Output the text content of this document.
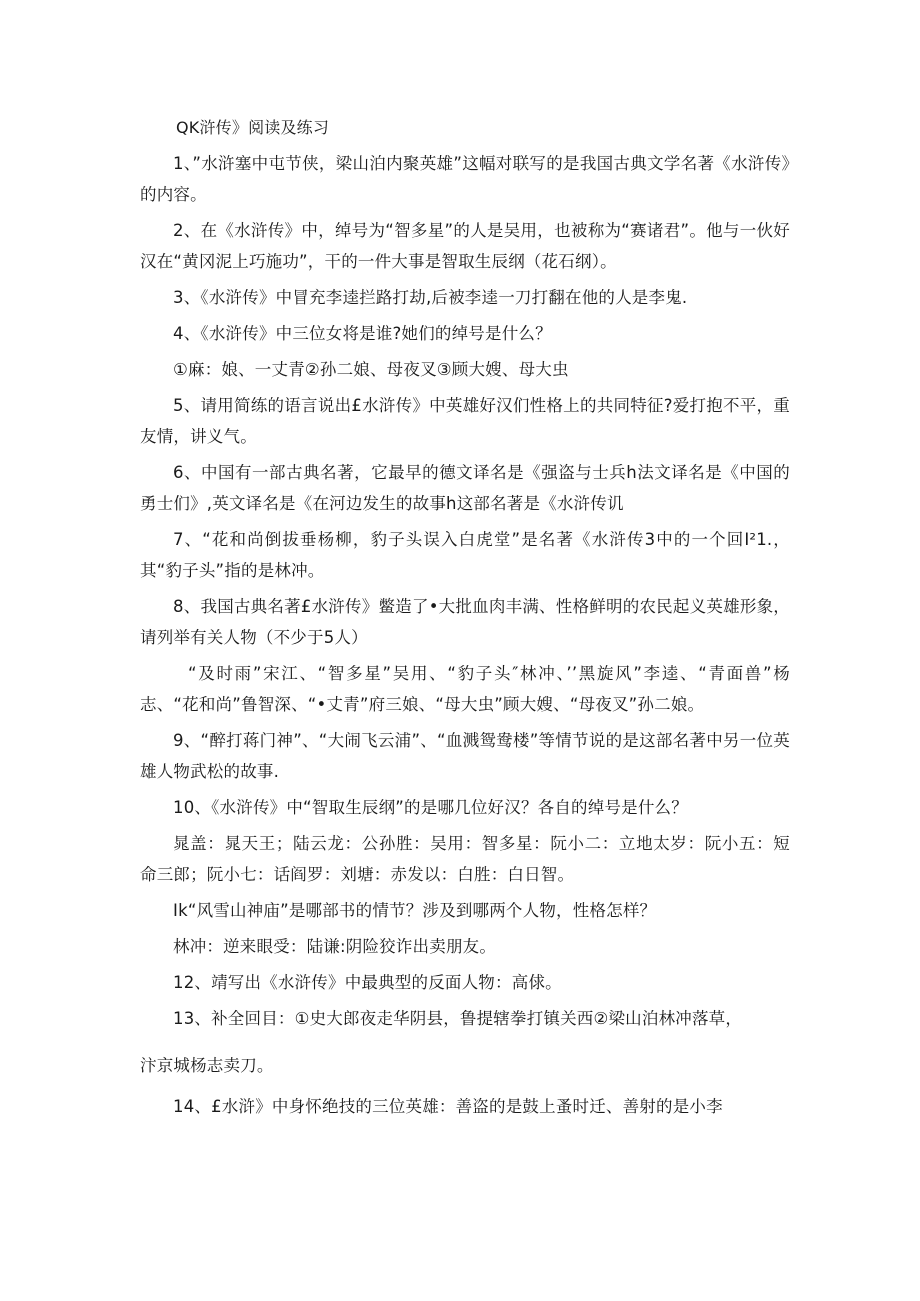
QK浒传》阅读及练习

1、”水浒塞中屯节侠，梁山泊内聚英雄”这幅对联写的是我国古典文学名著《水浒传》的内容。

2、在《水浒传》中，绰号为“智多星”的人是吴用，也被称为“赛诸君”。他与一伙好汉在“黄冈泥上巧施功”，干的一件大事是智取生辰纲（花石纲）。

3、《水浒传》中冒充李逵拦路打劫,后被李逵一刀打翻在他的人是李鬼.

4、《水浒传》中三位女将是谁?她们的绰号是什么？

①麻：娘、一丈青②孙二娘、母夜叉③顾大嫂、母大虫

5、请用简练的语言说出£水浒传》中英雄好汉们性格上的共同特征?爱打抱不平，重友情，讲义气。

6、中国有一部古典名著，它最早的德文译名是《强盗与士兵h法文译名是《中国的勇士们》,英文译名是《在河边发生的故事h这部名著是《水浒传讥

7、“花和尚倒拔垂杨柳，豹子头误入白虎堂”是名著《水浒传3中的一个回I²1.，其“豹子头”指的是林冲。

8、我国古典名著£水浒传》鳖造了•大批血肉丰满、性格鲜明的农民起义英雄形象，请列举有关人物（不少于5人）

“及时雨”宋江、“智多星”吴用、“豹子头″林冲、’’黑旋风”李逵、“青面兽”杨志、“花和尚”鲁智深、“•丈青”府三娘、“母大虫”顾大嫂、“母夜叉”孙二娘。

9、“醉打蒋门神”、“大闹飞云浦”、“血溅鸳鸯楼”等情节说的是这部名著中另一位英雄人物武松的故事.

10、《水浒传》中“智取生辰纲”的是哪几位好汉？各自的绰号是什么？

晁盖：晁天王；陆云龙：公孙胜：吴用：智多星：阮小二：立地太岁：阮小五：短命三郎；阮小七：话阎罗：刘塘：赤发以：白胜：白日智。

Ik“风雪山神庙”是哪部书的情节？涉及到哪两个人物，性格怎样？

林冲：逆来眼受：陆谦:阴险狡诈出卖朋友。

12、靖写出《水浒传》中最典型的反面人物：高俅。

13、补全回目：①史大郎夜走华阴县，鲁提辖拳打镇关西②梁山泊林冲落草，

汴京城杨志卖刀。

14、£水浒》中身怀绝技的三位英雄：善盗的是鼓上蚤时迁、善射的是小李
